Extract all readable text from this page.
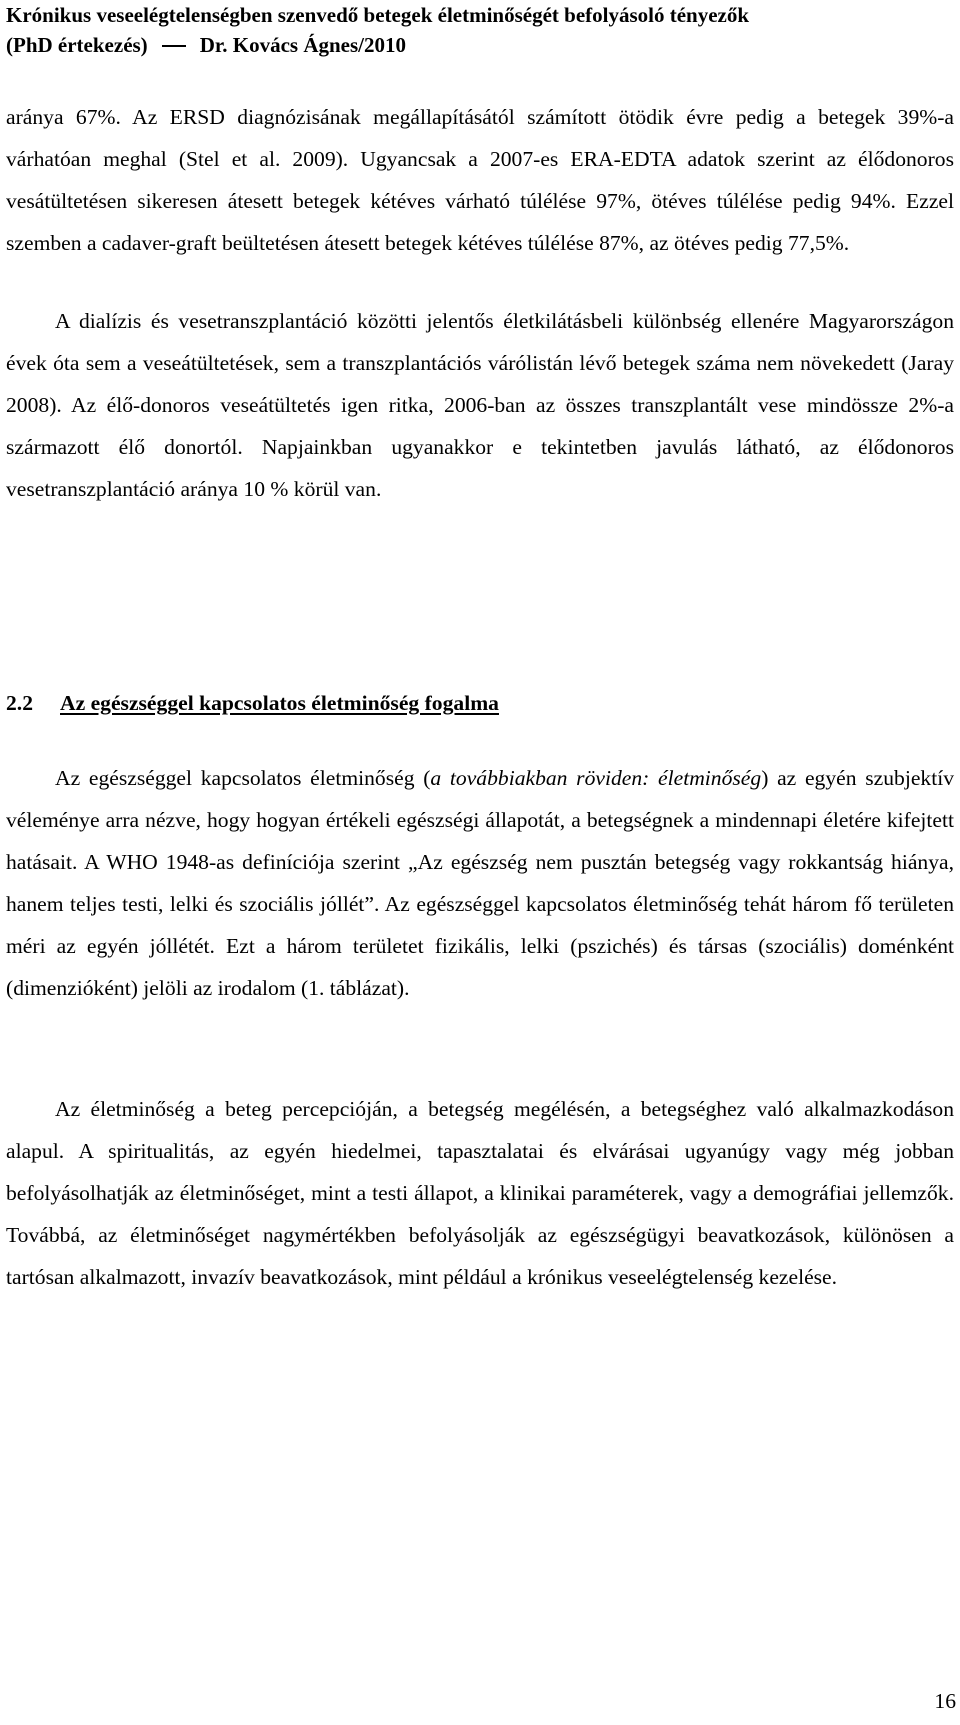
Krónikus veseelégtelenségben szenvedő betegek életminőségét befolyásoló tényezők
(PhD értekezés) Dr. Kovács Ágnes/2010

aránya 67%. Az ERSD diagnózisának megállapításától számított ötödik évre pedig a betegek 39%-a várhatóan meghal (Stel et al. 2009). Ugyancsak a 2007-es ERA-EDTA adatok szerint az élődonoros vesátültetésen sikeresen átesett betegek kétéves várható túlélése 97%, ötéves túlélése pedig 94%. Ezzel szemben a cadaver-graft beültetésen átesett betegek kétéves túlélése 87%, az ötéves pedig 77,5%.

A dialízis és vesetranszplantáció közötti jelentős életkilátásbeli különbség ellenére Magyarországon évek óta sem a veseátültetések, sem a transzplantációs várólistán lévő betegek száma nem növekedett (Jaray 2008). Az élő-donoros veseátültetés igen ritka, 2006-ban az összes transzplantált vese mindössze 2%-a származott élő donortól. Napjainkban ugyanakkor e tekintetben javulás látható, az élődonoros vesetranszplantáció aránya 10 % körül van.

2.2 Az egészséggel kapcsolatos életminőség fogalma

Az egészséggel kapcsolatos életminőség (a továbbiakban röviden: életminőség) az egyén szubjektív véleménye arra nézve, hogy hogyan értékeli egészségi állapotát, a betegségnek a mindennapi életére kifejtett hatásait. A WHO 1948-as definíciója szerint „Az egészség nem pusztán betegség vagy rokkantság hiánya, hanem teljes testi, lelki és szociális jóllét”. Az egészséggel kapcsolatos életminőség tehát három fő területen méri az egyén jóllétét. Ezt a három területet fizikális, lelki (pszichés) és társas (szociális) doménként (dimenzióként) jelöli az irodalom (1. táblázat).

Az életminőség a beteg percepcióján, a betegség megélésén, a betegséghez való alkalmazkodáson alapul. A spiritualitás, az egyén hiedelmei, tapasztalatai és elvárásai ugyanúgy vagy még jobban befolyásolhatják az életminőséget, mint a testi állapot, a klinikai paraméterek, vagy a demográfiai jellemzők. Továbbá, az életminőséget nagymértékben befolyásolják az egészségügyi beavatkozások, különösen a tartósan alkalmazott, invazív beavatkozások, mint például a krónikus veseelégtelenség kezelése.

16
